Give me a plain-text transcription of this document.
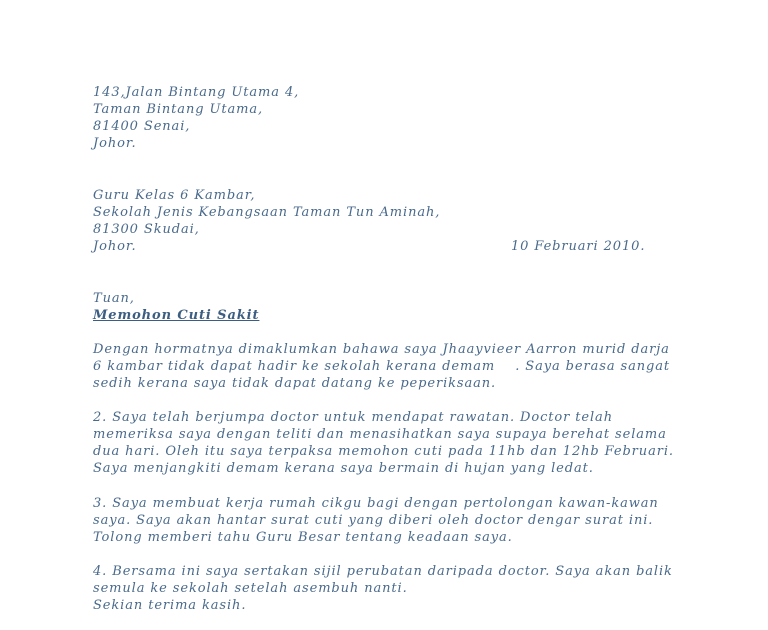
143,Jalan Bintang Utama 4,

Taman Bintang Utama,

81400 Senai,

Johor.

Guru Kelas 6 Kambar,

Sekolah Jenis Kebangsaan Taman Tun Aminah,

81300 Skudai,

Johor.	10 Februari 2010.

Tuan,

Memohon Cuti Sakit

Dengan hormatnya dimaklumkan bahawa saya Jhaayvieer Aarron murid darja

6 kambar tidak dapat hadir ke sekolah kerana demam    . Saya berasa sangat

sedih kerana saya tidak dapat datang ke peperiksaan.

2. Saya telah berjumpa doctor untuk mendapat rawatan. Doctor telah

memeriksa saya dengan teliti dan menasihatkan saya supaya berehat selama

dua hari. Oleh itu saya terpaksa memohon cuti pada 11hb dan 12hb Februari.

Saya menjangkiti demam kerana saya bermain di hujan yang ledat.

3. Saya membuat kerja rumah cikgu bagi dengan pertolongan kawan-kawan

saya. Saya akan hantar surat cuti yang diberi oleh doctor dengar surat ini.

Tolong memberi tahu Guru Besar tentang keadaan saya.

4. Bersama ini saya sertakan sijil perubatan daripada doctor. Saya akan balik

semula ke sekolah setelah asembuh nanti.

Sekian terima kasih.
